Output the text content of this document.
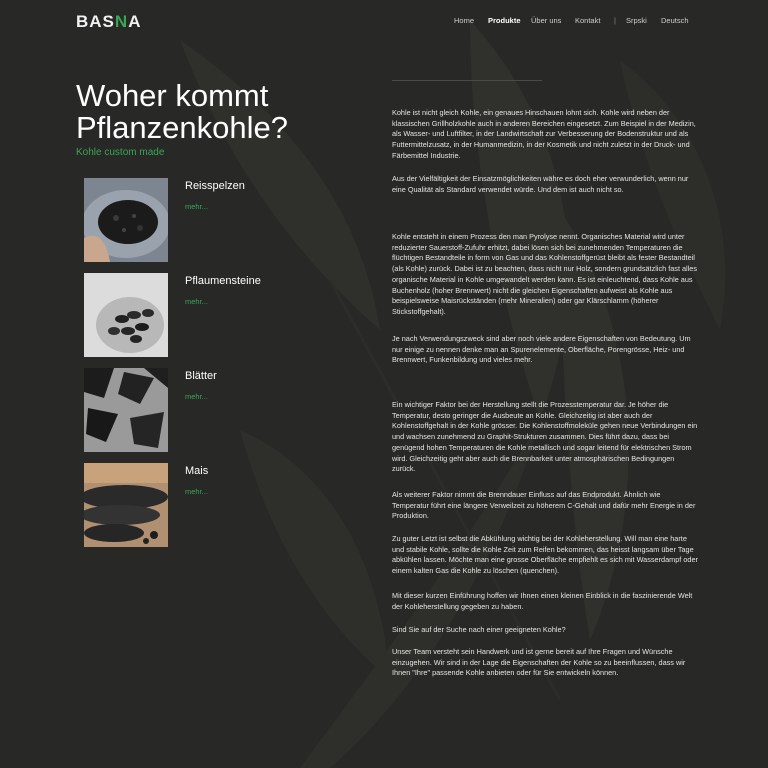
BASNA	Home Produkte Über uns Kontakt | Srpski Deutsch
Woher kommt Pflanzenkohle?
Kohle custom made
Reisspelzen
mehr...
Pflaumensteine
mehr...
Blätter
mehr...
Mais
mehr...

Kohle ist nicht gleich Kohle, ein genaues Hinschauen lohnt sich. Kohle wird neben der klassischen Grillholzkohle auch in anderen Bereichen eingesetzt. Zum Beispiel in der Medizin, als Wasser- und Luftfilter, in der Landwirtschaft zur Verbesserung der Bodenstruktur und als Futtermittelzusatz, in der Humanmedizin, in der Kosmetik und nicht zuletzt in der Druck- und Färbemittel Industrie.

Aus der Vielfältigkeit der Einsatzmöglichkeiten währe es doch eher verwunderlich, wenn nur eine Qualität als Standard verwendet würde. Und dem ist auch nicht so.

Kohle entsteht in einem Prozess den man Pyrolyse nennt. Organisches Material wird unter reduzierter Sauerstoff-Zufuhr erhitzt, dabei lösen sich bei zunehmenden Temperaturen die flüchtigen Bestandteile in form von Gas und das Kohlenstoffgerüst bleibt als fester Bestandteil (als Kohle) zurück. Dabei ist zu beachten, dass nicht nur Holz, sondern grundsätzlich fast alles organische Material in Kohle umgewandelt werden kann. Es ist einleuchtend, dass Kohle aus Buchenholz (hoher Brennwert) nicht die gleichen Eigenschaften aufweist als Kohle aus beispielsweise Maisrückständen (mehr Mineralien) oder gar Klärschlamm (höherer Stickstoffgehalt).

Je nach Verwendungszweck sind aber noch viele andere Eigenschaften von Bedeutung. Um nur einige zu nennen denke man an Spurenelemente, Oberfläche, Porengrösse, Heiz- und Brennwert, Funkenbildung und vieles mehr.

Ein wichtiger Faktor bei der Herstellung stellt die Prozesstemperatur dar. Je höher die Temperatur, desto geringer die Ausbeute an Kohle. Gleichzeitig ist aber auch der Kohlenstoffgehalt in der Kohle grösser. Die Kohlenstoffmoleküle gehen neue Verbindungen ein und wachsen zunehmend zu Graphit-Strukturen zusammen. Dies führt dazu, dass bei genügend hohen Temperaturen die Kohle metallisch und sogar leitend für elektrischen Strom wird. Gleichzeitig geht aber auch die Brennbarkeit unter atmosphärischen Bedingungen zurück.

Als weiterer Faktor nimmt die Brenndauer Einfluss auf das Endprodukt. Ähnlich wie Temperatur führt eine längere Verweilzeit zu höherem C-Gehalt und dafür mehr Energie in der Produktion.

Zu guter Letzt ist selbst die Abkühlung wichtig bei der Kohleherstellung. Will man eine harte und stabile Kohle, sollte die Kohle Zeit zum Reifen bekommen, das heisst langsam über Tage abkühlen lassen. Möchte man eine grosse Oberfläche empfiehlt es sich mit Wasserdampf oder einem kalten Gas die Kohle zu löschen (quenchen).

Mit dieser kurzen Einführung hoffen wir Ihnen einen kleinen Einblick in die faszinierende Welt der Kohleherstellung gegeben zu haben.

Sind Sie auf der Suche nach einer geeigneten Kohle?

Unser Team versteht sein Handwerk und ist gerne bereit auf Ihre Fragen und Wünsche einzugehen. Wir sind in der Lage die Eigenschaften der Kohle so zu beeinflussen, dass wir Ihnen "Ihre" passende Kohle anbieten oder für Sie entwickeln können.
